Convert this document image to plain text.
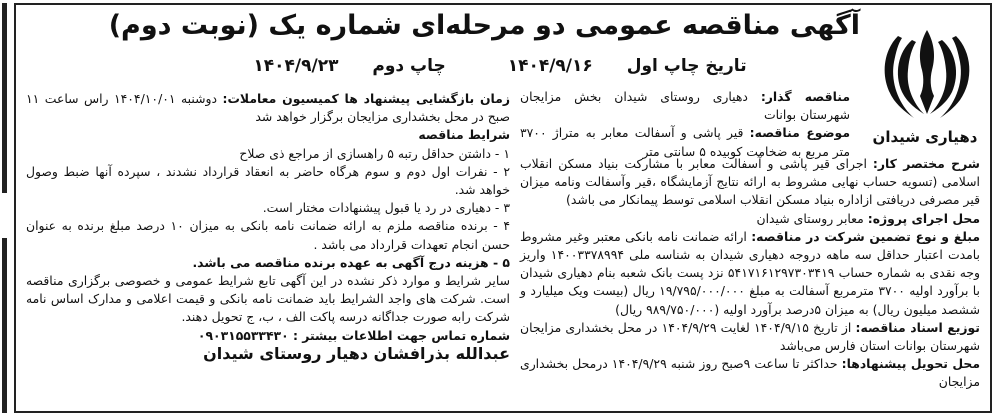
دهیاری شیدان
آگهی مناقصه عمومی دو مرحله‌ای شماره یک (نوبت دوم)
تاریخ چاپ اول ۱۴۰۴/۹/۱۶ چاپ دوم ۱۴۰۴/۹/۲۳

مناقصه گذار: دهیاری روستای شیدان بخش مزایجان شهرستان بوانات

موضوع مناقصه: قیر پاشی و آسفالت معابر به متراژ ۳۷۰۰ متر مربع به ضخامت کوبیده ۵ سانتی متر

شرح مختصر کار: اجرای قیر پاشی و آسفالت معابر با مشارکت بنیاد مسکن انقلاب اسلامی (تسویه حساب نهایی مشروط به ارائه نتایج آزمایشگاه ،قیر وآسفالت ونامه میزان قیر مصرفی دریافتی ازاداره بنیاد مسکن انقلاب اسلامی توسط پیمانکار می باشد)

محل اجرای پروژه: معابر روستای شیدان

مبلغ و نوع تضمین شرکت در مناقصه: ارائه ضمانت نامه بانکی معتبر وغیر مشروط بامدت اعتبار حداقل سه ماهه دروجه دهیاری شیدان به شناسه ملی ۱۴۰۰۳۳۷۸۹۹۴ واریز وجه نقدی به شماره حساب ۵۴۱۷۱۶۱۲۹۷۳۰۳۴۱۹ نزد پست بانک شعبه بنام دهیاری شیدان با برآورد اولیه ۳۷۰۰ مترمربع آسفالت به مبلغ ۱۹/۷۹۵/۰۰۰/۰۰۰ ریال (بیست ویک میلیارد و ششصد میلیون ریال) به میزان ۵درصد برآورد اولیه (۹۸۹/۷۵۰/۰۰۰ ریال)

توزیع اسناد مناقصه: از تاریخ ۱۴۰۴/۹/۱۵ لغایت ۱۴۰۴/۹/۲۹ در محل بخشداری مزایجان شهرستان بوانات استان فارس می‌باشد

محل تحویل پیشنهادها: حداکثر تا ساعت ۹صبح روز شنبه ۱۴۰۴/۹/۲۹ درمحل بخشداری مزایجان

زمان بازگشایی پیشنهاد ها کمیسیون معاملات: دوشنبه ۱۴۰۴/۱۰/۰۱ راس ساعت ۱۱ صبح در محل بخشداری مزایجان برگزار خواهد شد

شرایط مناقصه

۱ - داشتن حداقل رتبه ۵ راهسازی از مراجع ذی صلاح

۲ - نفرات اول دوم و سوم هرگاه حاضر به انعقاد قرارداد نشدند ، سپرده آنها ضبط وصول خواهد شد.

۳ - دهیاری در رد یا قبول پیشنهادات مختار است.

۴ - برنده مناقصه ملزم به ارائه ضمانت نامه بانکی به میزان ۱۰ درصد مبلغ برنده به عنوان حسن انجام تعهدات قرارداد می باشد .

۵ - هزینه درج آگهی به عهده برنده مناقصه می باشد.

سایر شرایط و موارد ذکر نشده در این آگهی تابع شرایط عمومی و خصوصی برگزاری مناقصه است. شرکت های واجد الشرایط باید ضمانت نامه بانکی و قیمت اعلامی و مدارک اساس نامه شرکت رابه صورت جداگانه درسه پاکت الف ، ب، ج تحویل دهند.

شماره تماس جهت اطلاعات بیشتر : ۰۹۰۳۱۵۵۳۳۴۳۰

عبدالله بذرافشان دهیار روستای شیدان
